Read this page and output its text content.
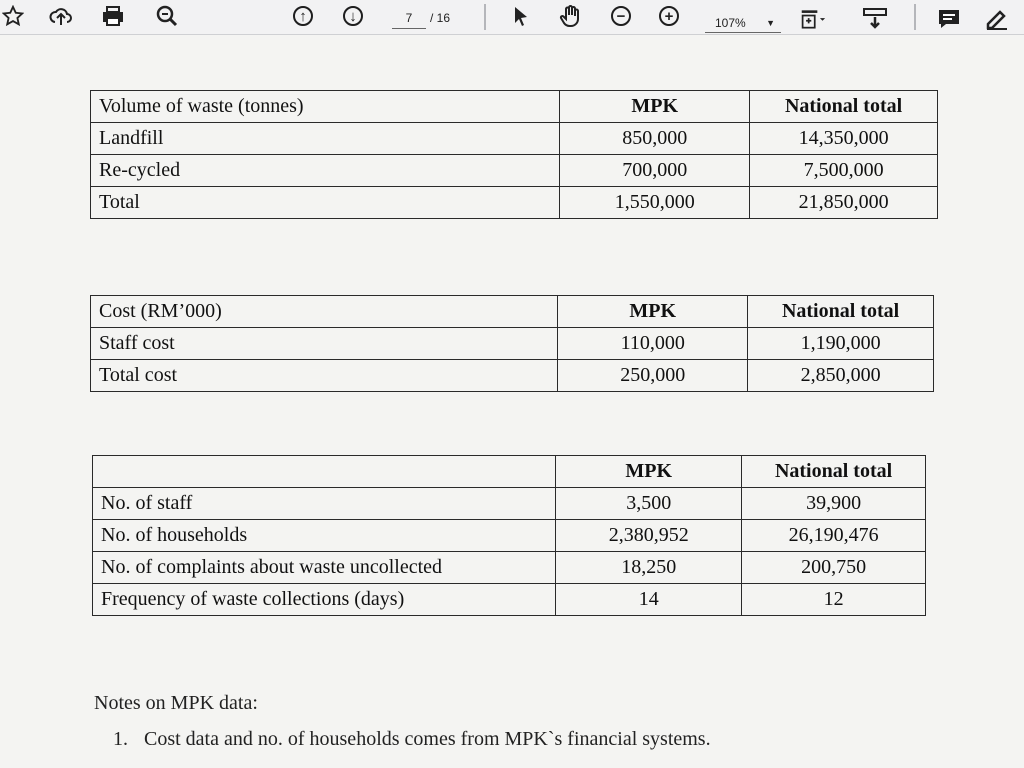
↑	↓	7	/ 16	−	+	107% ▼
Volume of waste (tonnes)	MPK	National total
Landfill	850,000	14,350,000
Re-cycled	700,000	7,500,000
Total	1,550,000	21,850,000
Cost (RM’000)	MPK	National total
Staff cost	110,000	1,190,000
Total cost	250,000	2,850,000
	MPK	National total
No. of staff	3,500	39,900
No. of households	2,380,952	26,190,476
No. of complaints about waste uncollected	18,250	200,750
Frequency of waste collections (days)	14	12
Notes on MPK data:
1. Cost data and no. of households comes from MPK`s financial systems.
